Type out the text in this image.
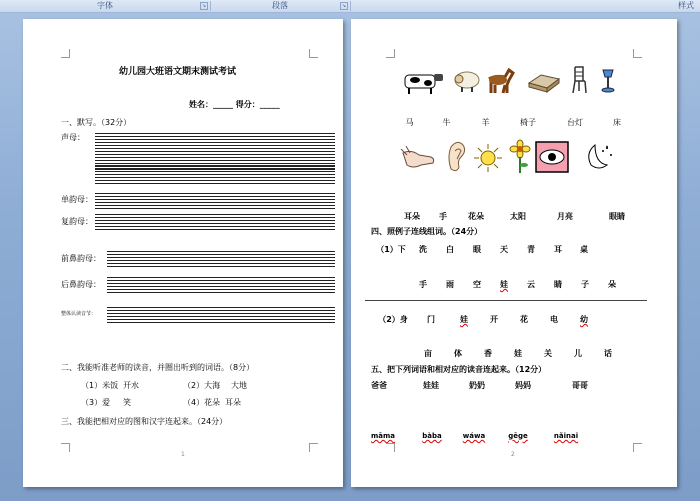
字体	↘	段落	↘	样式
幼儿园大班语文期末测试考试
姓名：_____ 得分：_____
一、默写。（32分）
声母：
单韵母：
复韵母：
前鼻韵母：
后鼻韵母：
整体认读音节：
二、我能听准老师的读音，并圈出听到的词语。（8分）
（1）米饭 开水	（2）大海 大地
（3）爱 笑	（4）花朵 耳朵
三、我能把相对应的图和汉字连起来。（24分）
1
马	牛	羊	椅子	台灯	床
耳朵	手	花朵	太阳	月亮	眼睛
四、照例子连线组词。（24分）
（1）下	洗	白	眼	天	青	耳	桌
手	雨	空	娃	云	睛	子	朵
（2）身	门	娃	开	花	电	幼
亩	体	香	娃	关	儿	话
五、把下列词语和相对应的读音连起来。（12分）
爸爸	娃娃	奶奶	妈妈	哥哥
māma	bàba	wáwa	gēge	nǎinai
2
